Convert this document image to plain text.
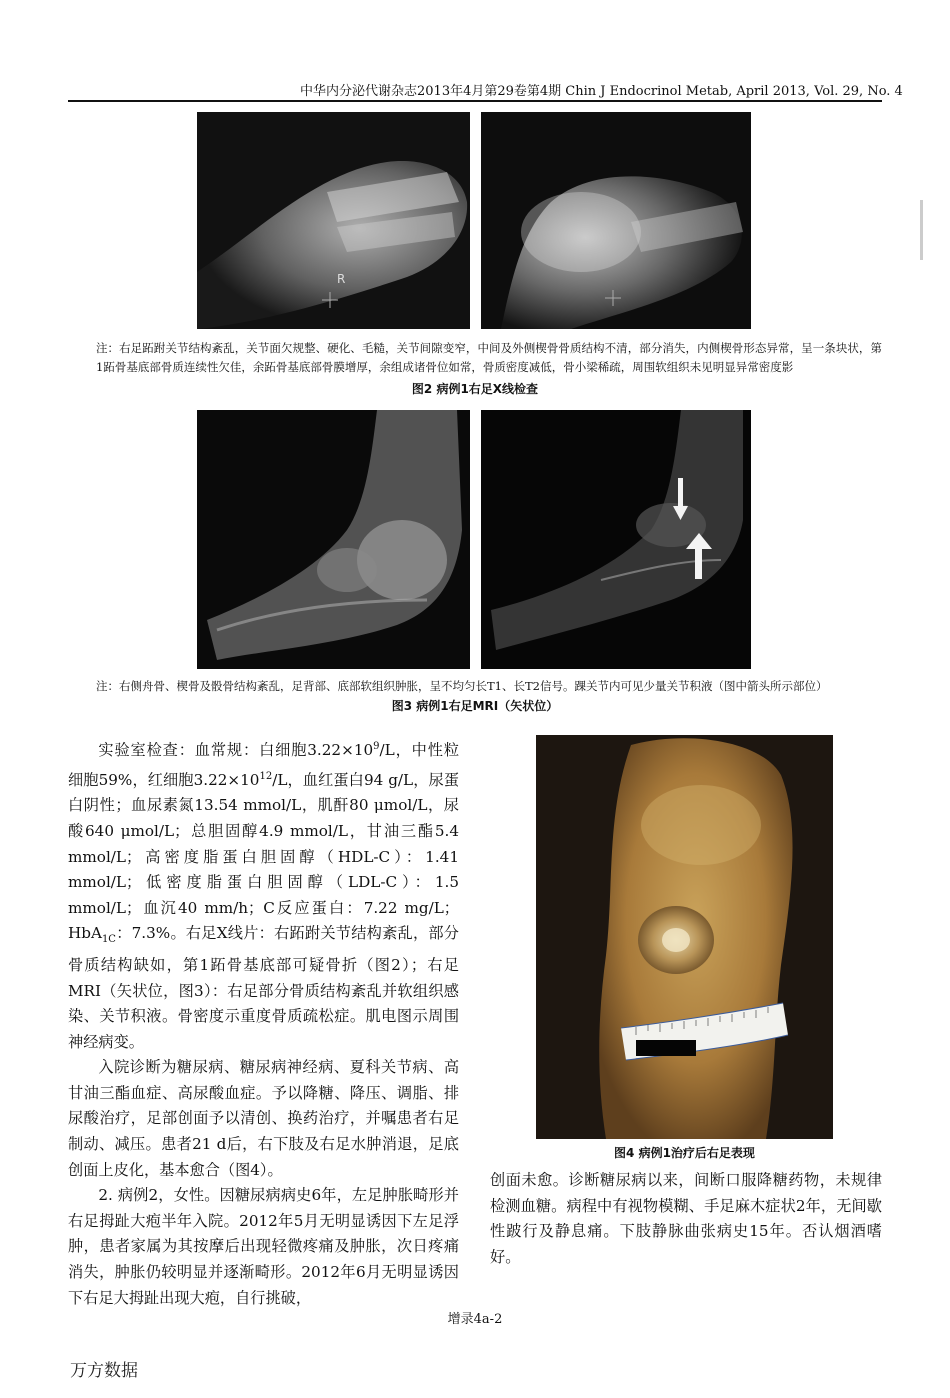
中华内分泌代谢杂志2013年4月第29卷第4期 Chin J Endocrinol Metab, April 2013, Vol. 29, No. 4
R
注：右足跖跗关节结构紊乱，关节面欠规整、硬化、毛糙，关节间隙变窄，中间及外侧楔骨骨质结构不清，部分消失，内侧楔骨形态异常，呈一条块状，第1跖骨基底部骨质连续性欠佳，余跖骨基底部骨膜增厚，余组成诸骨位如常，骨质密度减低，骨小梁稀疏，周围软组织未见明显异常密度影
图2 病例1右足X线检查
注：右侧舟骨、楔骨及骰骨结构紊乱，足背部、底部软组织肿胀，呈不均匀长T1、长T2信号。踝关节内可见少量关节积液（图中箭头所示部位）
图3 病例1右足MRI（矢状位）

实验室检查：血常规：白细胞$3.22\times 10^9/L$，中性粒细胞59%，红细胞$3.22\times 10^{12}/L$，血红蛋白94 g/L，尿蛋白阴性；血尿素氮13.54 mmol/L，肌酐80 μmol/L，尿酸640 μmol/L；总胆固醇4.9 mmol/L，甘油三酯5.4 mmol/L；高密度脂蛋白胆固醇（HDL-C）：1.41 mmol/L；低密度脂蛋白胆固醇（LDL-C）：1.5 mmol/L；血沉40 mm/h；C反应蛋白：7.22 mg/L；HbA$_{1C}$：7.3%。右足X线片：右跖跗关节结构紊乱，部分骨质结构缺如，第1跖骨基底部可疑骨折（图2）；右足MRI（矢状位，图3）：右足部分骨质结构紊乱并软组织感染、关节积液。骨密度示重度骨质疏松症。肌电图示周围神经病变。

入院诊断为糖尿病、糖尿病神经病、夏科关节病、高甘油三酯血症、高尿酸血症。予以降糖、降压、调脂、排尿酸治疗，足部创面予以清创、换药治疗，并嘱患者右足制动、减压。患者21 d后，右下肢及右足水肿消退，足底创面上皮化，基本愈合（图4）。

2. 病例2，女性。因糖尿病病史6年，左足肿胀畸形并右足拇趾大疱半年入院。2012年5月无明显诱因下左足浮肿，患者家属为其按摩后出现轻微疼痛及肿胀，次日疼痛消失，肿胀仍较明显并逐渐畸形。2012年6月无明显诱因下右足大拇趾出现大疱，自行挑破，

图4 病例1治疗后右足表现

创面未愈。诊断糖尿病以来，间断口服降糖药物，未规律检测血糖。病程中有视物模糊、手足麻木症状2年，无间歇性跛行及静息痛。下肢静脉曲张病史15年。否认烟酒嗜好。

增录4a-2
万方数据
